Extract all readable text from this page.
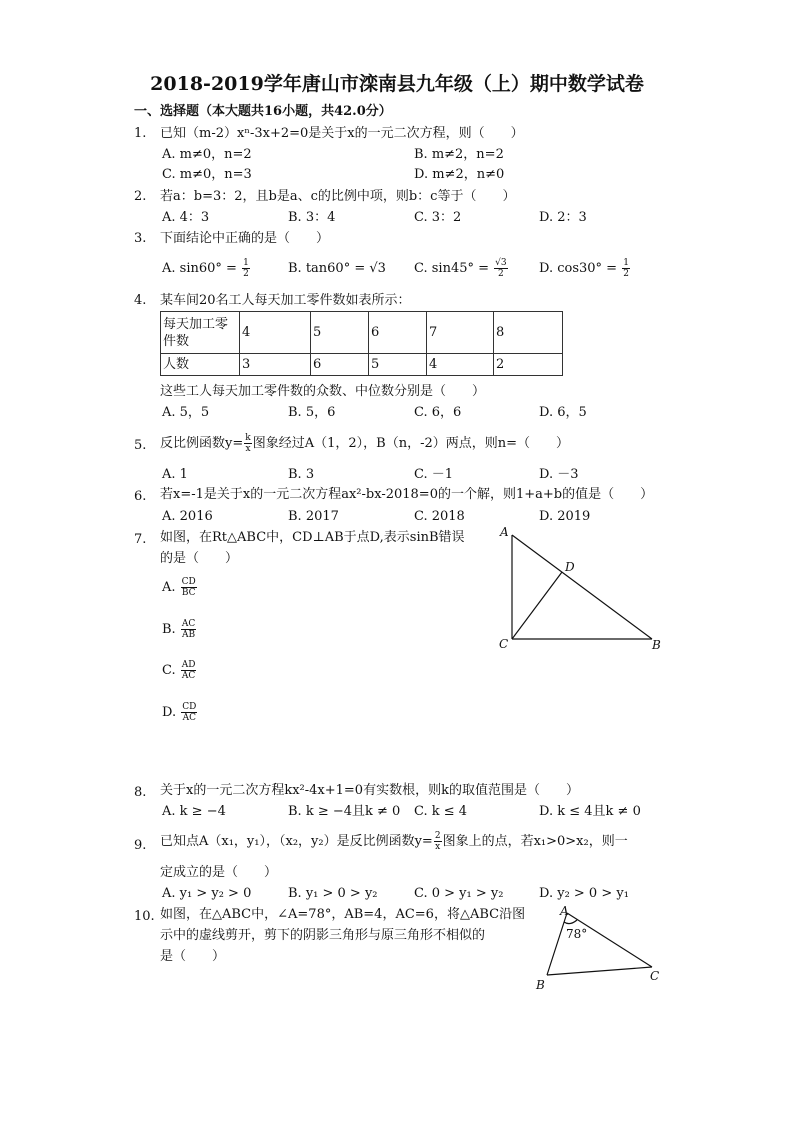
2018-2019学年唐山市滦南县九年级（上）期中数学试卷
一、选择题（本大题共16小题，共42.0分）
1. 已知（m-2）xⁿ-3x+2=0是关于x的一元二次方程，则（　　）
A. m≠0，n=2	B. m≠2，n=2
C. m≠0，n=3	D. m≠2，n≠0
2. 若a：b=3：2，且b是a、c的比例中项，则b：c等于（　　）
A. 4：3	B. 3：4	C. 3：2	D. 2：3
3. 下面结论中正确的是（　　）
A. $\sin 60^\circ = \frac{1}{2}$	B. tan60° = √3 C. $\sin 45^\circ = \frac{√3}{2} D$. $\cos 30^\circ = \frac{1}{2}$
4. 某车间20名工人每天加工零件数如表所示：
每天加工零
件数	4	5	6	7	8
人数	3	6	5	4	2
这些工人每天加工零件数的众数、中位数分别是（　　）
A. 5，5	B. 5，6	C. 6，6	D. 6，5
5. 反比例函数$y= \frac{k}{x}$ 图象经过A（1，2），B（n，-2）两点，则n=（　　）
A. 1	B. 3	C. －1	D. －3
6. 若x=-1是关于x的一元二次方程ax²-bx-2018=0的一个解，则1+a+b的值是（　　）
A. 2016	B. 2017	C. 2018	D. 2019
7. 如图，在Rt△ABC中，CD⊥AB于点D,表示sinB错误
的是（　　）
A. $\frac{CD}{BC}$
B. $\frac{AC}{AB}$
C. $\frac{AD}{AC}$
D. $\frac{CD}{AC}$
A
D
C	B
A
78°
B
C
8. 关于x的一元二次方程kx²-4x+1=0有实数根，则k的取值范围是（　　）
A. k ≥ −4	B. k ≥ −4且k ≠ 0 C. k ≤ 4	D. k ≤ 4且k ≠ 0
9. 已知点A（x₁，y₁），（x₂，y₂）是反比例函数$y= \frac{2}{x}$ 图象上的点，若x₁>0>x₂，则一
定成立的是（　　）
A. y₁ > y₂ > 0	B. y₁ > 0 > y₂	C. 0 > y₁ > y₂	D. y₂ > 0 > y₁
10. 如图，在△ABC中，∠A=78°，AB=4，AC=6，将△ABC沿图
示中的虚线剪开，剪下的阴影三角形与原三角形不相似的
是（　　）
